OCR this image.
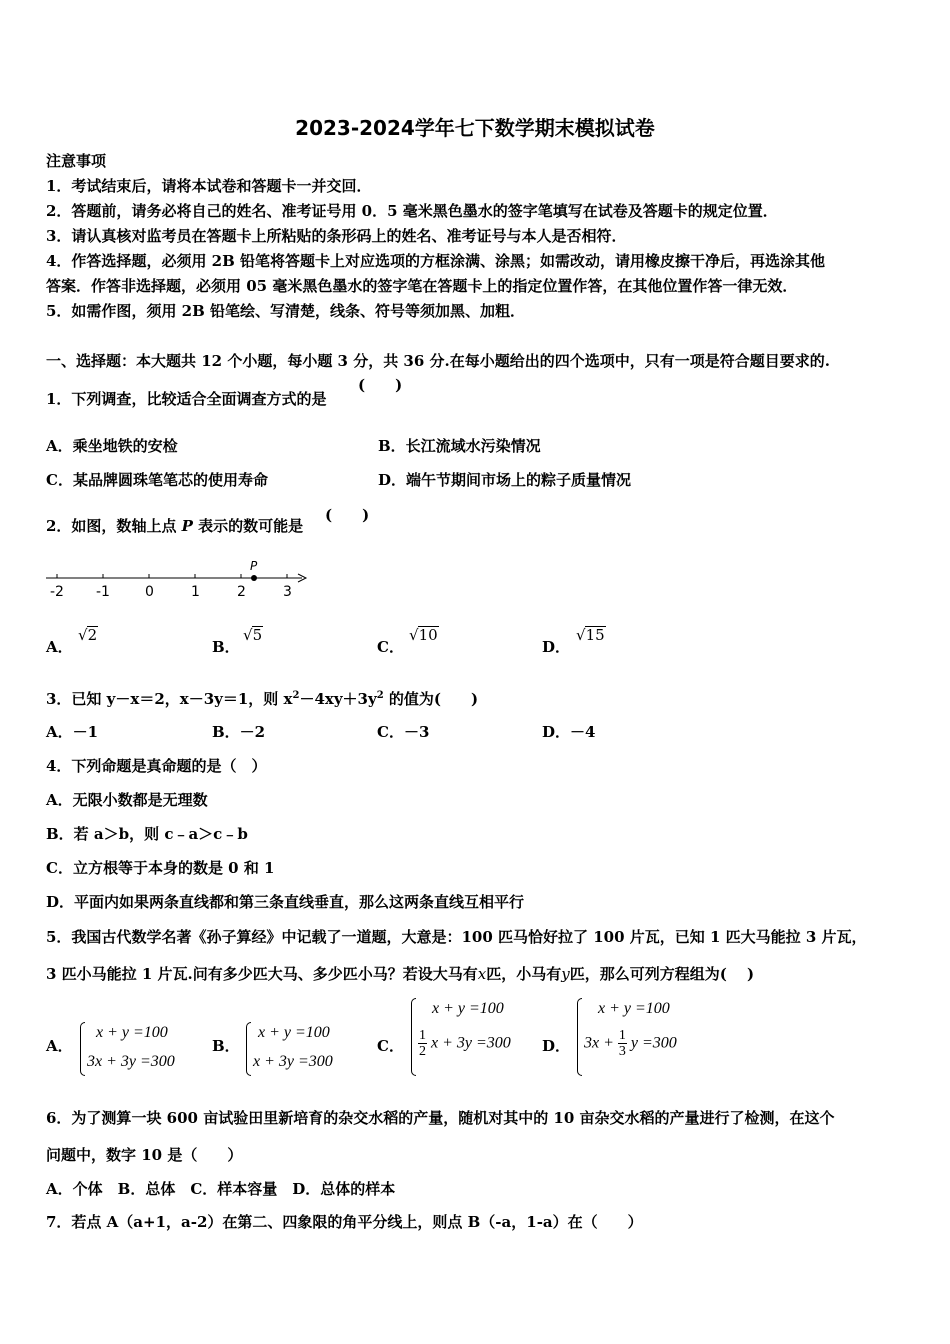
2023-2024学年七下数学期末模拟试卷
注意事项
1．考试结束后，请将本试卷和答题卡一并交回．
2．答题前，请务必将自己的姓名、准考证号用 0．5 毫米黑色墨水的签字笔填写在试卷及答题卡的规定位置．
3．请认真核对监考员在答题卡上所粘贴的条形码上的姓名、准考证号与本人是否相符．
4．作答选择题，必须用 2B 铅笔将答题卡上对应选项的方框涂满、涂黑；如需改动，请用橡皮擦干净后，再选涂其他
答案．作答非选择题，必须用 05 毫米黑色墨水的签字笔在答题卡上的指定位置作答，在其他位置作答一律无效．
5．如需作图，须用 2B 铅笔绘、写清楚，线条、符号等须加黑、加粗．
一、选择题：本大题共 12 个小题，每小题 3 分，共 36 分.在每小题给出的四个选项中，只有一项是符合题目要求的.
1．下列调查，比较适合全面调查方式的是
(　　)
A．乘坐地铁的安检	B．长江流域水污染情况
C．某品牌圆珠笔笔芯的使用寿命	D．端午节期间市场上的粽子质量情况
2．如图，数轴上点 P 表示的数可能是
(　　)
-2 -1	0	1	2	3
P
A．
√2
B．
√5
C．
√10
D．
√15
3．已知 y－x＝2，x－3y＝1，则 $x^2-4xy+3y^2$ 的值为(　　)
A．－1	B．－2	C．－3	D．－4
4．下列命题是真命题的是（　）
A．无限小数都是无理数
B．若 a＞b，则 c﹣a＞c﹣b
C．立方根等于本身的数是 0 和 1
D．平面内如果两条直线都和第三条直线垂直，那么这两条直线互相平行
5．我国古代数学名著《孙子算经》中记载了一道题，大意是：100 匹马恰好拉了 100 片瓦，已知 1 匹大马能拉 3 片瓦，
3 匹小马能拉 1 片瓦.问有多少匹大马、多少匹小马？若设大马有x匹，小马有y匹，那么可列方程组为(　 )
A．
x + y =100
3x + 3y =300
B．
x + y =100
x + 3y =300
C．
x + y =100
$\frac{1}{2}$ x + 3y =300 D．
x + y =100
$3x + \frac{1}{3}$ y =300
6．为了测算一块 600 亩试验田里新培育的杂交水稻的产量，随机对其中的 10 亩杂交水稻的产量进行了检测，在这个
问题中，数字 10 是（　　）
A．个体　B．总体　C．样本容量　D．总体的样本
7．若点 A（a+1，a-2）在第二、四象限的角平分线上，则点 B（-a，1-a）在（　　）
